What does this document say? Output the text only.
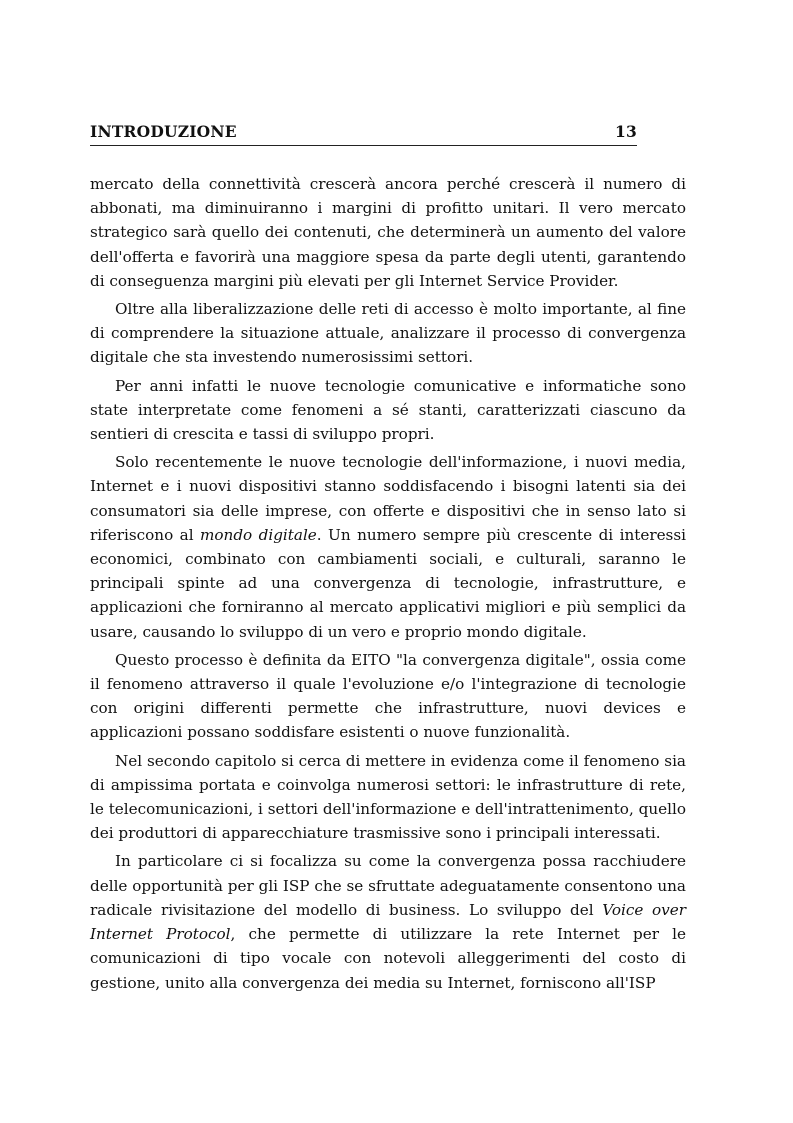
INTRODUZIONE	13

mercato della connettività crescerà ancora perché crescerà il numero di abbonati, ma diminuiranno i margini di profitto unitari. Il vero mercato strategico sarà quello dei contenuti, che determinerà un aumento del valore dell'offerta e favorirà una maggiore spesa da parte degli utenti, garantendo di conseguenza margini più elevati per gli Internet Service Provider.

Oltre alla liberalizzazione delle reti di accesso è molto importante, al fine di comprendere la situazione attuale, analizzare il processo di convergenza digitale che sta investendo numerosissimi settori.

Per anni infatti le nuove tecnologie comunicative e informatiche sono state interpretate come fenomeni a sé stanti, caratterizzati ciascuno da sentieri di crescita e tassi di sviluppo propri.

Solo recentemente le nuove tecnologie dell'informazione, i nuovi media, Internet e i nuovi dispositivi stanno soddisfacendo i bisogni latenti sia dei consumatori sia delle imprese, con offerte e dispositivi che in senso lato si riferiscono al mondo digitale. Un numero sempre più crescente di interessi economici, combinato con cambiamenti sociali, e culturali, saranno le principali spinte ad una convergenza di tecnologie, infrastrutture, e applicazioni che forniranno al mercato applicativi migliori e più semplici da usare, causando lo sviluppo di un vero e proprio mondo digitale.

Questo processo è definita da EITO "la convergenza digitale", ossia come il fenomeno attraverso il quale l'evoluzione e/o l'integrazione di tecnologie con origini differenti permette che infrastrutture, nuovi devices e applicazioni possano soddisfare esistenti o nuove funzionalità.

Nel secondo capitolo si cerca di mettere in evidenza come il fenomeno sia di ampissima portata e coinvolga numerosi settori: le infrastrutture di rete, le telecomunicazioni, i settori dell'informazione e dell'intrattenimento, quello dei produttori di apparecchiature trasmissive sono i principali interessati.

In particolare ci si focalizza su come la convergenza possa racchiudere delle opportunità per gli ISP che se sfruttate adeguatamente consentono una radicale rivisitazione del modello di business. Lo sviluppo del Voice over Internet Protocol, che permette di utilizzare la rete Internet per le comunicazioni di tipo vocale con notevoli alleggerimenti del costo di gestione, unito alla convergenza dei media su Internet, forniscono all'ISP
